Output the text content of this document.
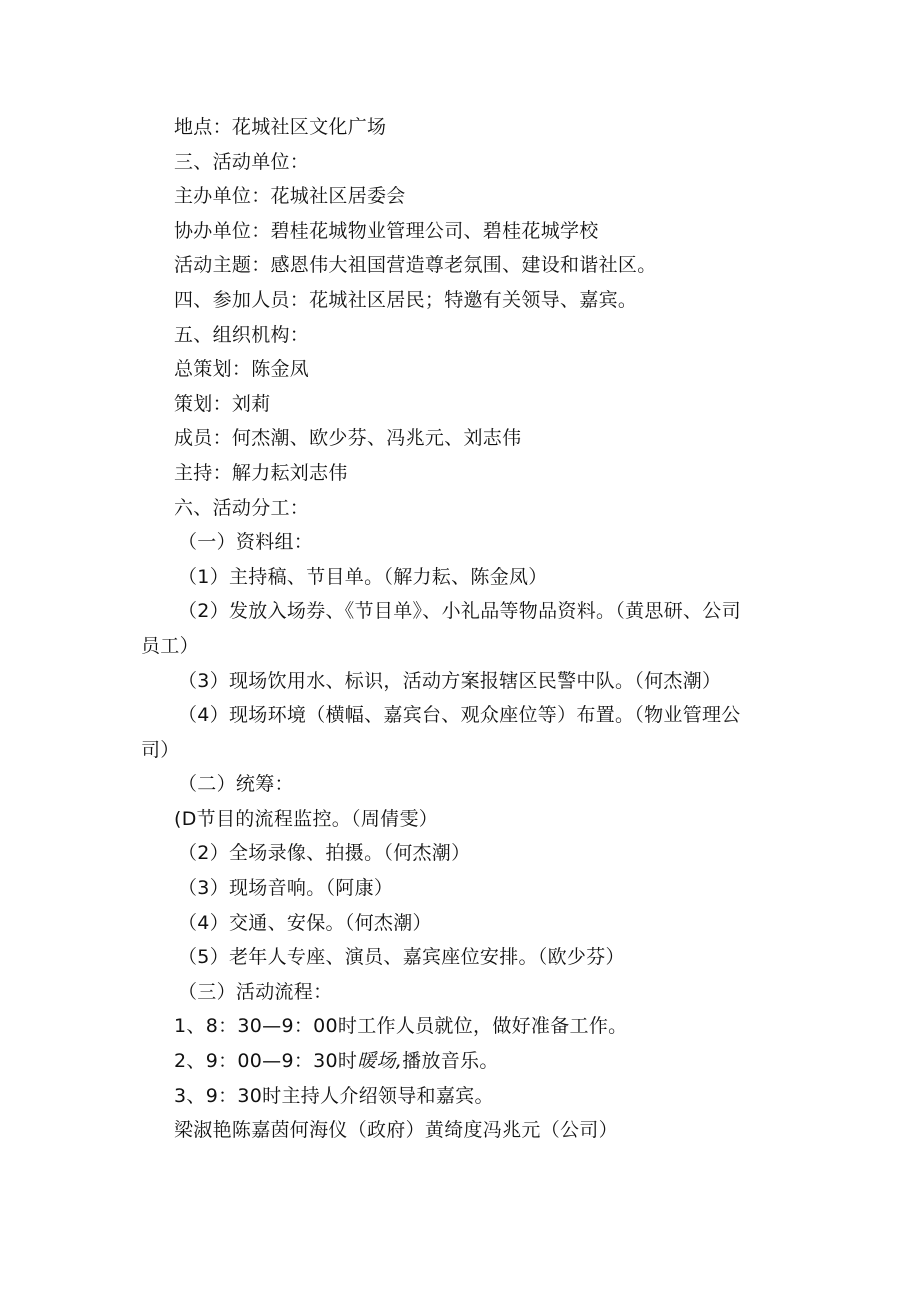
地点：花城社区文化广场
三、活动单位：
主办单位：花城社区居委会
协办单位：碧桂花城物业管理公司、碧桂花城学校
活动主题：感恩伟大祖国营造尊老氛围、建设和谐社区。
四、参加人员：花城社区居民；特邀有关领导、嘉宾。
五、组织机构：
总策划：陈金凤
策划：刘莉
成员：何杰潮、欧少芬、冯兆元、刘志伟
主持：解力耘刘志伟
六、活动分工：
（一）资料组：
（1）主持稿、节目单。（解力耘、陈金凤）
（2）发放入场券、《节目单》、小礼品等物品资料。（黄思研、公司员工）
（3）现场饮用水、标识，活动方案报辖区民警中队。（何杰潮）
（4）现场环境（横幅、嘉宾台、观众座位等）布置。（物业管理公司）
（二）统筹：
(D节目的流程监控。（周倩雯）
（2）全场录像、拍摄。（何杰潮）
（3）现场音响。（阿康）
（4）交通、安保。（何杰潮）
（5）老年人专座、演员、嘉宾座位安排。（欧少芬）
（三）活动流程：
1、8：30—9：00时工作人员就位，做好准备工作。
2、9：00—9：30时暖场,播放音乐。
3、9：30时主持人介绍领导和嘉宾。
梁淑艳陈嘉茵何海仪（政府）黄绮度冯兆元（公司）
